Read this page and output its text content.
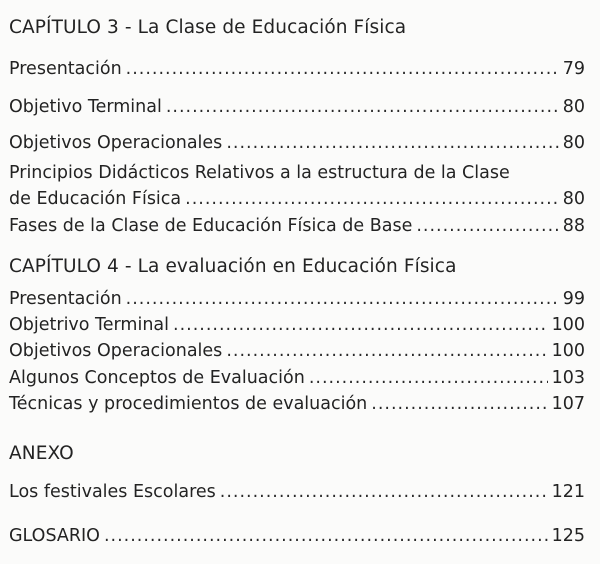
CAPÍTULO 3 - La Clase de Educación Física
Presentación .....	79
Objetivo Terminal .....	80
Objetivos Operacionales .....	80
Principios Didácticos Relativos a la estructura de la Clase
de Educación Física .....	80
Fases de la Clase de Educación Física de Base .....	88
CAPÍTULO 4 - La evaluación en Educación Física
Presentación .....	99
Objetrivo Terminal .....	100
Objetivos Operacionales .....	100
Algunos Conceptos de Evaluación .....	103
Técnicas y procedimientos de evaluación .....	107
ANEXO
Los festivales Escolares .....	121
GLOSARIO .....	125
